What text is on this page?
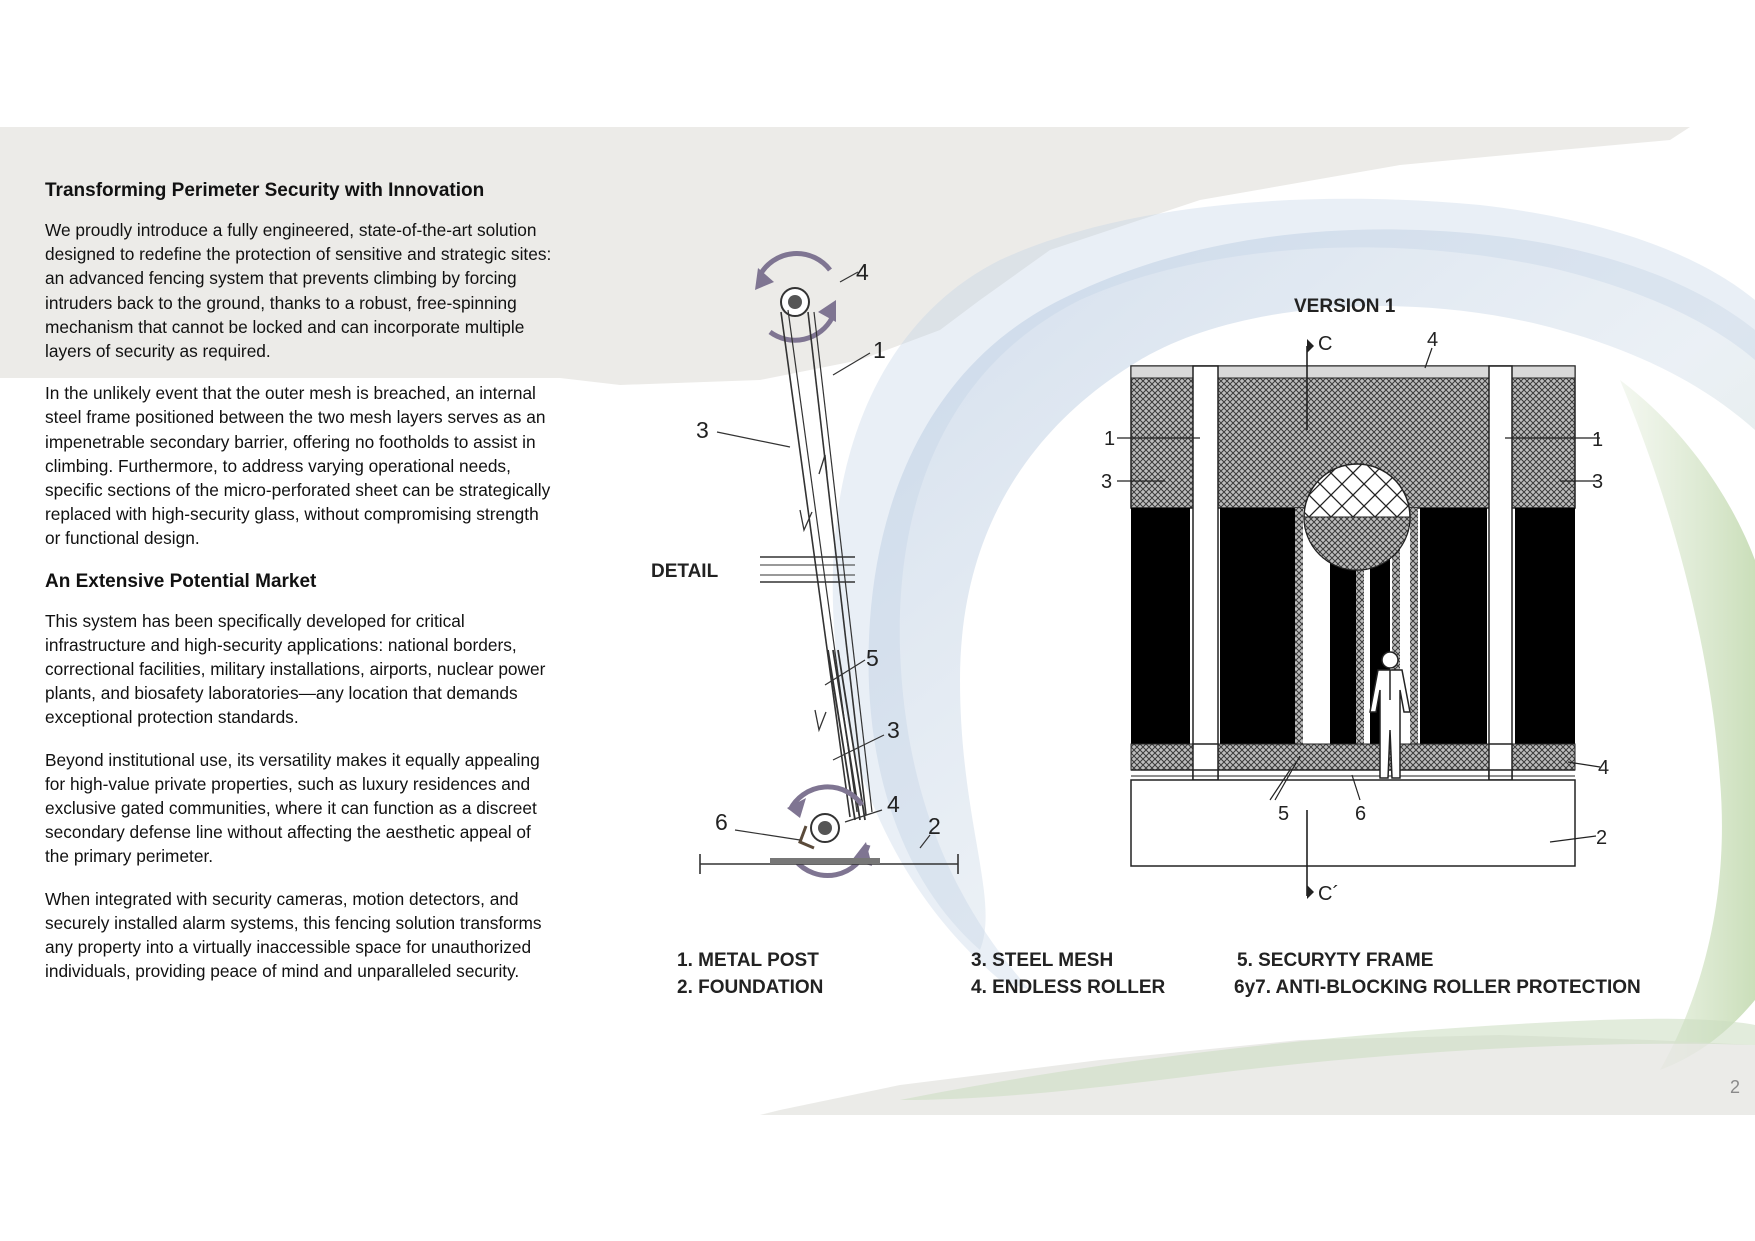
Transforming Perimeter Security with Innovation

We proudly introduce a fully engineered, state-of-the-art solution designed to redefine the protection of sensitive and strategic sites: an advanced fencing system that prevents climbing by forcing intruders back to the ground, thanks to a robust, free-spinning mechanism that cannot be locked and can incorporate multiple layers of security as required.

In the unlikely event that the outer mesh is breached, an internal steel frame positioned between the two mesh layers serves as an impenetrable secondary barrier, offering no footholds to assist in climbing. Furthermore, to address varying operational needs, specific sections of the micro-perforated sheet can be strategically replaced with high-security glass, without compromising strength or functional design.

An Extensive Potential Market

This system has been specifically developed for critical infrastructure and high-security applications: national borders, correctional facilities, military installations, airports, nuclear power plants, and biosafety laboratories—any location that demands exceptional protection standards.

Beyond institutional use, its versatility makes it equally appealing for high-value private properties, such as luxury residences and exclusive gated communities, where it can function as a discreet secondary defense line without affecting the aesthetic appeal of the primary perimeter.

When integrated with security cameras, motion detectors, and securely installed alarm systems, this fencing solution transforms any property into a virtually inaccessible space for unauthorized individuals, providing peace of mind and unparalleled security.

4
1
3
5
3
4
6	2
DETAIL
VERSION 1
C
C´
4
1	1
3	3
4
5	6
2
1. METAL POST
2. FOUNDATION
3. STEEL MESH
4. ENDLESS ROLLER
5. SECURYTY FRAME
6y7. ANTI-BLOCKING ROLLER PROTECTION
2
